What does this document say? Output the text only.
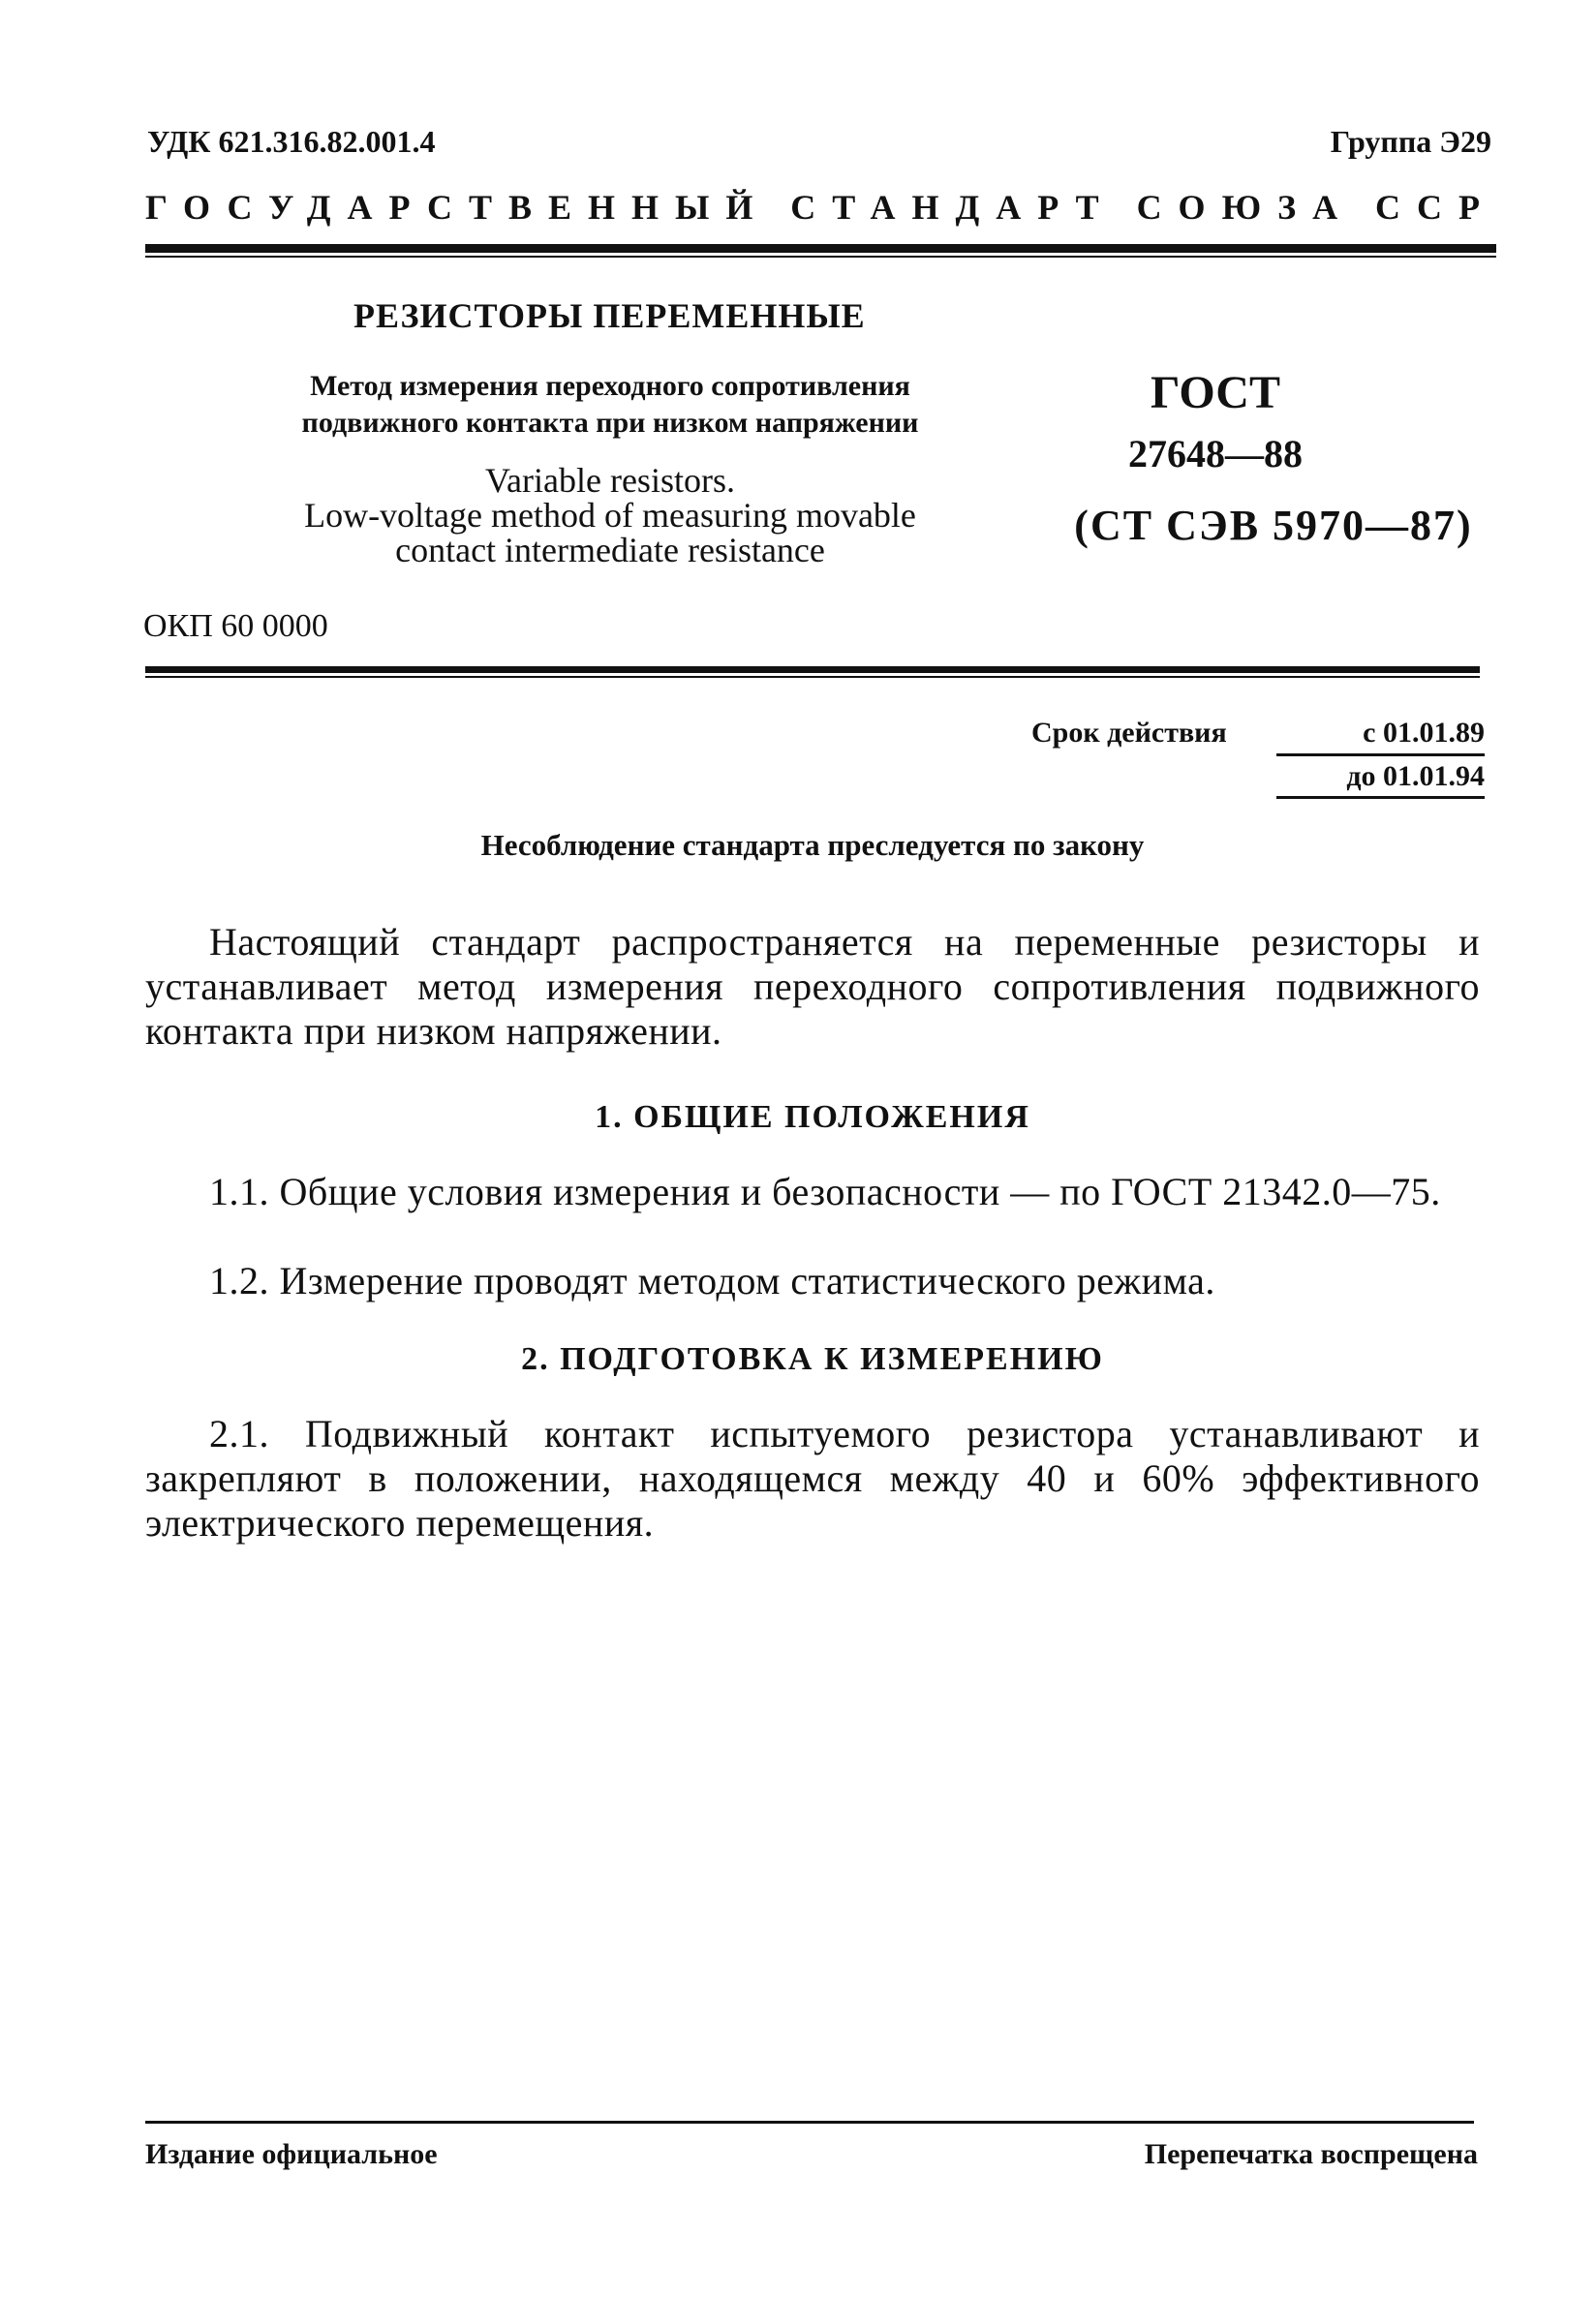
УДК 621.316.82.001.4	Группа Э29
ГОСУДАРСТВЕННЫЙ СТАНДАРТ СОЮЗА ССР
РЕЗИСТОРЫ ПЕРЕМЕННЫЕ
Метод измерения переходного сопротивления
подвижного контакта при низком напряжении
Variable resistors.
Low-voltage method of measuring movable
contact intermediate resistance
ГОСТ
27648—88
(СТ СЭВ 5970—87)
ОКП 60 0000
Срок действия	с 01.01.89
до 01.01.94
Несоблюдение стандарта преследуется по закону
Настоящий стандарт распространяется на переменные резисторы и устанавливает метод измерения переходного сопротивления подвижного контакта при низком напряжении.
1. ОБЩИЕ ПОЛОЖЕНИЯ
1.1. Общие условия измерения и безопасности — по ГОСТ 21342.0—75.
1.2. Измерение проводят методом статистического режима.
2. ПОДГОТОВКА К ИЗМЕРЕНИЮ
2.1. Подвижный контакт испытуемого резистора устанавливают и закрепляют в положении, находящемся между 40 и 60% эффективного электрического перемещения.
Издание официальное	Перепечатка воспрещена
